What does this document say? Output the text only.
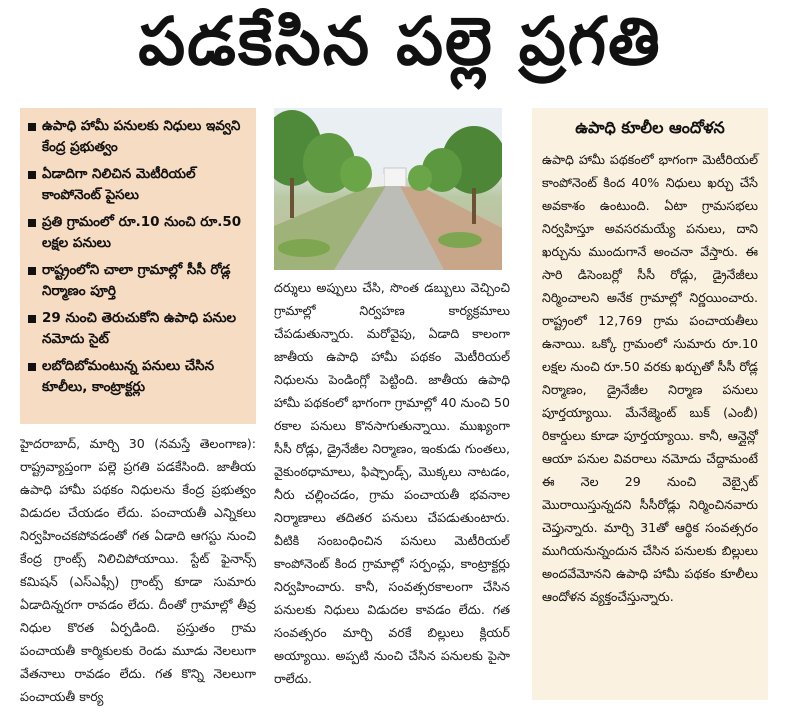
పడకేసిన పల్లె ప్రగతి
ఉపాధి హామీ పనులకు నిధులు ఇవ్వని కేంద్ర ప్రభుత్వం
ఏడాదిగా నిలిచిన మెటీరియల్ కాంపోనెంట్ పైసలు
ప్రతి గ్రామంలో రూ.10 నుంచి రూ.50 లక్షల పనులు
రాష్ట్రంలోని చాలా గ్రామాల్లో సీసీ రోడ్ల నిర్మాణం పూర్తి
29 నుంచి తెరుచుకోని ఉపాధి పనుల నమోదు సైట్
లబోదిబోమంటున్న పనులు చేసిన కూలీలు, కాంట్రాక్టర్లు
హైదరాబాద్, మార్చి 30 (నమస్తే తెలంగాణ): రాష్ట్రవ్యాప్తంగా పల్లె ప్రగతి పడకేసింది. జాతీయ ఉపాధి హామీ పథకం నిధులను కేంద్ర ప్రభుత్వం విడుదల చేయడం లేదు. పంచాయతీ ఎన్నికలు నిర్వహించకపోవడంతో గత ఏడాది ఆగస్టు నుంచి కేంద్ర గ్రాంట్స్ నిలిచిపోయాయి. స్టేట్ ఫైనాన్స్ కమిషన్ (ఎస్ఎఫ్సీ) గ్రాంట్స్ కూడా సుమారు ఏడాదిన్నరగా రావడం లేదు. దీంతో గ్రామాల్లో తీవ్ర నిధుల కొరత ఏర్పడింది. ప్రస్తుతం గ్రామ పంచాయతీ కార్మికులకు రెండు మూడు నెలలుగా వేతనాలు రావడం లేదు. గత కొన్ని నెలలుగా పంచాయతీ కార్య
దర్శులు అప్పులు చేసి, సొంత డబ్బులు వెచ్చించి గ్రామాల్లో నిర్వహణ కార్యక్రమాలు చేపడుతున్నారు. మరోవైపు, ఏడాది కాలంగా జాతీయ ఉపాధి హామీ పథకం మెటీరియల్ నిధులను పెండింగ్లో పెట్టింది. జాతీయ ఉపాధి హామీ పథకంలో భాగంగా గ్రామాల్లో 40 నుంచి 50 రకాల పనులు కొనసాగుతున్నాయి. ముఖ్యంగా సీసీ రోడ్లు, డ్రైనేజీల నిర్మాణం, ఇంకుడు గుంతలు, వైకుంఠధామాలు, ఫిష్పాండ్స్, మొక్కలు నాటడం, నీరు చల్లించడం, గ్రామ పంచాయతీ భవనాల నిర్మాణాలు తదితర పనులు చేపడుతుంటారు. వీటికి సంబంధించిన పనులు మెటీరియల్ కాంపోనెంట్ కింద గ్రామాల్లో సర్పంచ్లు, కాంట్రాక్టర్లు నిర్వహించారు. కానీ, సంవత్సరకాలంగా చేసిన పనులకు నిధులు విడుదల కావడం లేదు. గత సంవత్సరం మార్చి వరకే బిల్లులు క్లియర్ అయ్యాయి. అప్పటి నుంచి చేసిన పనులకు పైసా రాలేదు.
ఉపాధి కూలీల ఆందోళన
ఉపాధి హామీ పథకంలో భాగంగా మెటీరియల్ కాంపోనెంట్ కింద 40% నిధులు ఖర్చు చేసే అవకాశం ఉంటుంది. ఏటా గ్రామసభలు నిర్వహిస్తూ అవసరమయ్యే పనులు, దాని ఖర్చును ముందుగానే అంచనా వేస్తారు. ఈ సారి డిసెంబర్లో సీసీ రోడ్లు, డ్రైనేజీలు నిర్మించాలని అనేక గ్రామాల్లో నిర్ణయించారు. రాష్ట్రంలో 12,769 గ్రామ పంచాయతీలు ఉనాయి. ఒక్కో గ్రామంలో సుమారు రూ.10 లక్షల నుంచి రూ.50 వరకు ఖర్చుతో సీసీ రోడ్ల నిర్మాణం, డ్రైనేజీల నిర్మాణ పనులు పూర్తయ్యాయి. మేనేజ్మెంట్ బుక్ (ఎంబీ) రికార్డులు కూడా పూర్తయ్యాయి. కానీ, ఆన్లైన్లో ఆయా పనుల వివరాలు నమోదు చేద్దామంటే ఈ నెల 29 నుంచి వెబ్సైట్ మొరాయిస్తున్నదని సీసీరోడ్లు నిర్మించినవారు చెప్తున్నారు. మార్చి 31తో ఆర్థిక సంవత్సరం ముగియనున్నందున చేసిన పనులకు బిల్లులు అందవేమోనని ఉపాధి హామీ పథకం కూలీలు ఆందోళన వ్యక్తంచేస్తున్నారు.
